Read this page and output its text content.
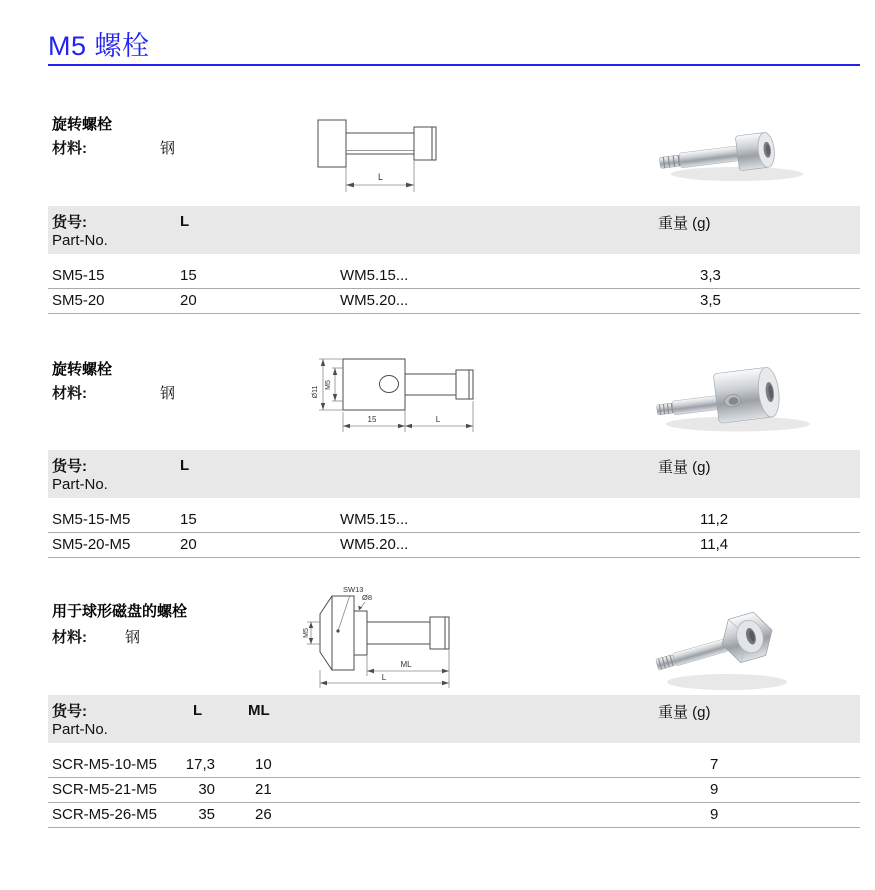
M5 螺栓
旋转螺栓
材料:	钢
L
货号:
Part-No.
L	重量 (g)
SM5-15	15	WM5.15...	3,3
SM5-20	20	WM5.20...	3,5
旋转螺栓
材料:	钢	Ø11
M5
15	L
货号:
Part-No.
L	重量 (g)
SM5-15-M5	15	WM5.15...	11,2
SM5-20-M5	20	WM5.20...	11,4
用于球形磁盘的螺栓
材料:	钢
SW13
Ø8
M5
ML
L
货号:
Part-No.
L	ML	重量 (g)
SCR-M5-10-M5	17,3	10	7
SCR-M5-21-M5	30	21	9
SCR-M5-26-M5	35	26	9
